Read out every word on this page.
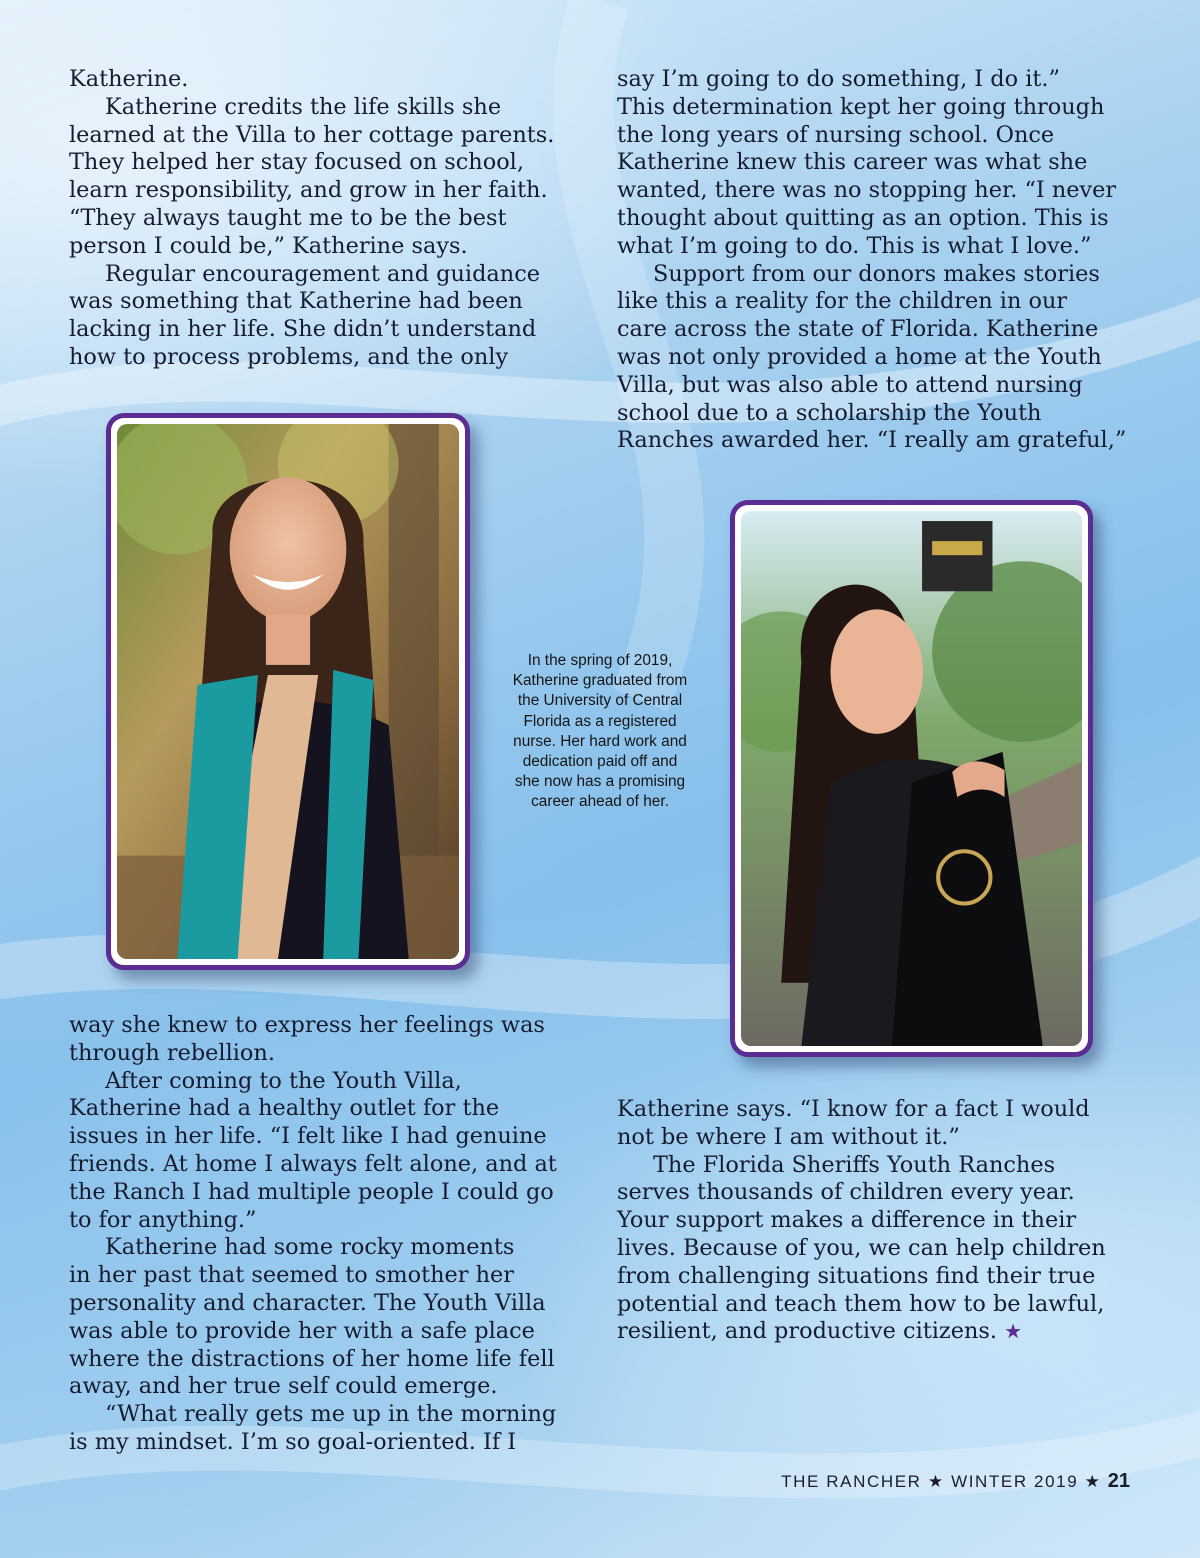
Katherine.
Katherine credits the life skills she
learned at the Villa to her cottage parents.
They helped her stay focused on school,
learn responsibility, and grow in her faith.
“They always taught me to be the best
person I could be,” Katherine says.
Regular encouragement and guidance
was something that Katherine had been
lacking in her life. She didn’t understand
how to process problems, and the only
say I’m going to do something, I do it.”
This determination kept her going through
the long years of nursing school. Once
Katherine knew this career was what she
wanted, there was no stopping her. “I never
thought about quitting as an option. This is
what I’m going to do. This is what I love.”
Support from our donors makes stories
like this a reality for the children in our
care across the state of Florida. Katherine
was not only provided a home at the Youth
Villa, but was also able to attend nursing
school due to a scholarship the Youth
Ranches awarded her. “I really am grateful,”
In the spring of 2019,
Katherine graduated from
the University of Central
Florida as a registered
nurse. Her hard work and
dedication paid off and
she now has a promising
career ahead of her.
way she knew to express her feelings was
through rebellion.
After coming to the Youth Villa,
Katherine had a healthy outlet for the
issues in her life. “I felt like I had genuine
friends. At home I always felt alone, and at
the Ranch I had multiple people I could go
to for anything.”
Katherine had some rocky moments
in her past that seemed to smother her
personality and character. The Youth Villa
was able to provide her with a safe place
where the distractions of her home life fell
away, and her true self could emerge.
“What really gets me up in the morning
is my mindset. I’m so goal-oriented. If I
Katherine says. “I know for a fact I would
not be where I am without it.”
The Florida Sheriffs Youth Ranches
serves thousands of children every year.
Your support makes a difference in their
lives. Because of you, we can help children
from challenging situations find their true
potential and teach them how to be lawful,
resilient, and productive citizens. ★
THE RANCHER ★ WINTER 2019 ★ 21
